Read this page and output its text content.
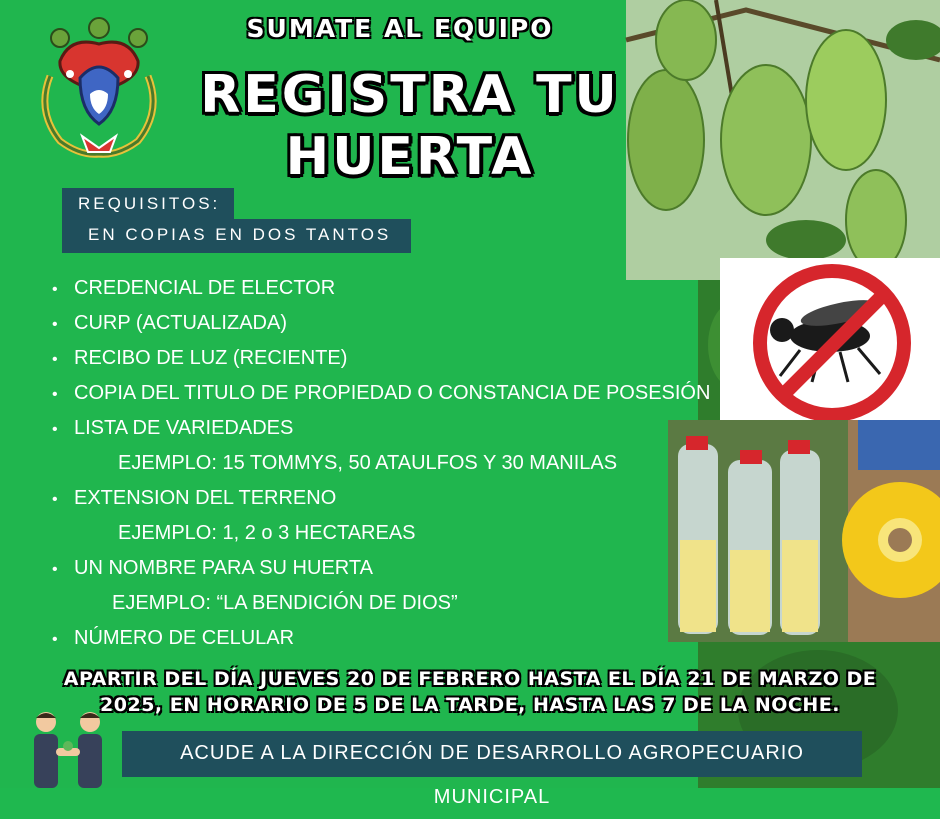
SUMATE AL EQUIPO
REGISTRA TU
HUERTA
REQUISITOS:
EN COPIAS EN DOS TANTOS
• CREDENCIAL DE ELECTOR
• CURP (ACTUALIZADA)
• RECIBO DE LUZ (RECIENTE)
• COPIA DEL TITULO DE PROPIEDAD O CONSTANCIA DE POSESIÓN
• LISTA DE VARIEDADES
EJEMPLO: 15 TOMMYS, 50 ATAULFOS Y 30 MANILAS
• EXTENSION DEL TERRENO
EJEMPLO: 1, 2 o 3 HECTAREAS
• UN NOMBRE PARA SU HUERTA
EJEMPLO: “LA BENDICIÓN DE DIOS”
• NÚMERO DE CELULAR
APARTIR DEL DÍA JUEVES 20 DE FEBRERO HASTA EL DÍA 21 DE MARZO DE
2025, EN HORARIO DE 5 DE LA TARDE, HASTA LAS 7 DE LA NOCHE.
ACUDE A LA DIRECCIÓN DE DESARROLLO AGROPECUARIO MUNICIPAL
